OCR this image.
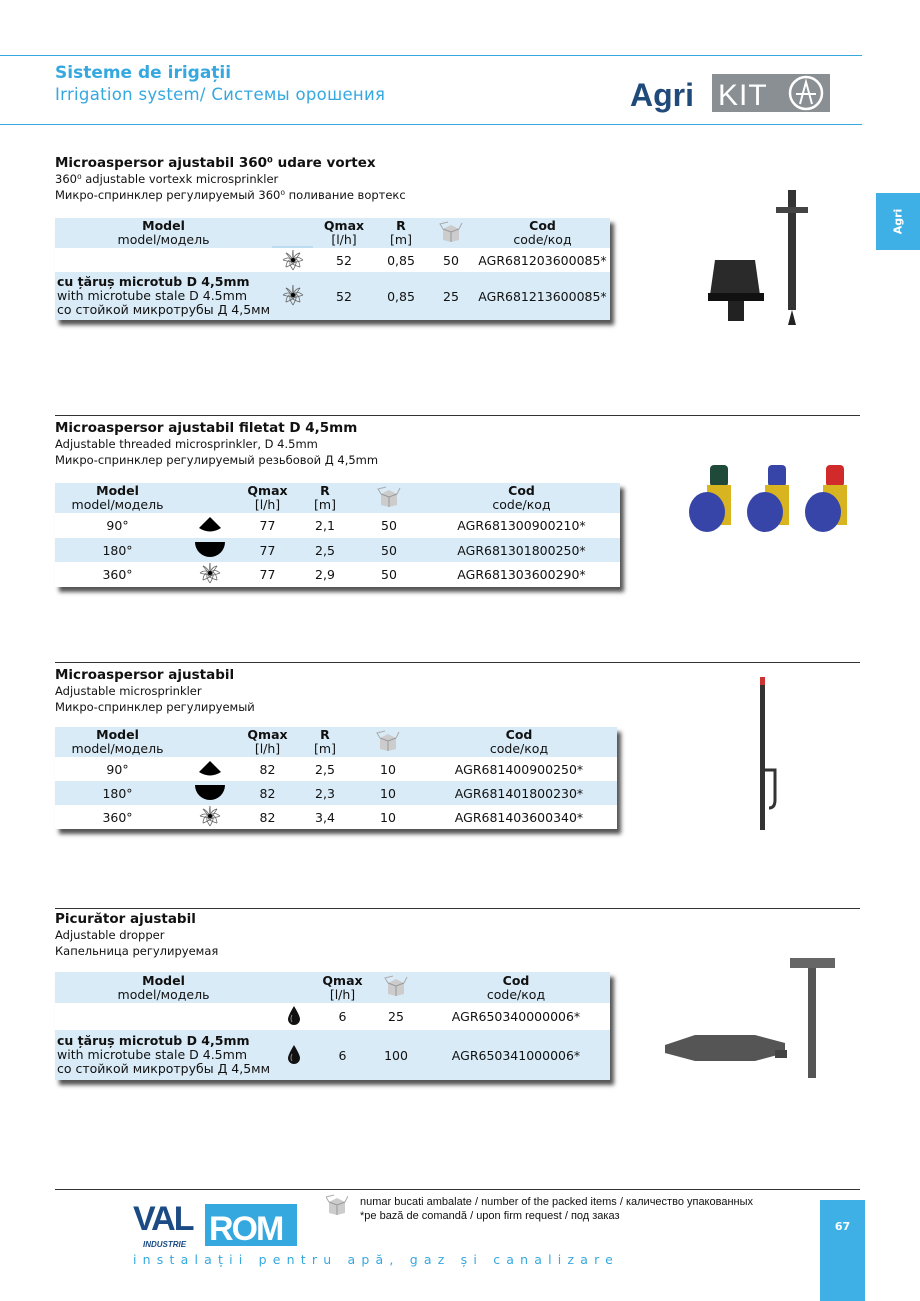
Sisteme de irigații
Irrigation system/ Системы орошения	Agri KIT
Agri
Microaspersor ajustabil 360⁰ udare vortex
360⁰ adjustable vortexk microsprinkler
Микро-спринклер регулируемый 360⁰ поливание вортекс
Model
model/модель
Qmax
[l/h]
R
[m]
Cod
code/код
52	0,85	50	AGR681203600085*
cu țăruș microtub D 4,5mm
with microtube stale D 4.5mm
со стойкой микротрубы Д 4,5мм
52	0,85	25	AGR681213600085*
Microaspersor ajustabil filetat D 4,5mm
Adjustable threaded microsprinkler, D 4.5mm
Микро-спринклер регулируемый резьбовой Д 4,5mm
Model
model/модель
Qmax
[l/h]
R
[m]
Cod
code/код
90°	77	2,1	50	AGR681300900210*
180°	77	2,5	50	AGR681301800250*
360°	77	2,9	50	AGR681303600290*
Microaspersor ajustabil
Adjustable microsprinkler
Микро-спринклер регулируемый
Model
model/модель
Qmax
[l/h]
R
[m]
Cod
code/код
90°	82	2,5	10	AGR681400900250*
180°	82	2,3	10	AGR681401800230*
360°	82	3,4	10	AGR681403600340*
Picurător ajustabil
Adjustable dropper
Капельница регулируемая
Model
model/модель
Qmax
[l/h]
Cod
code/код
6	25	AGR650340000006*
cu țăruș microtub D 4,5mm
with microtube stale D 4.5mm
со стойкой микротрубы Д 4,5мм
6	100	AGR650341000006*
VAL ROM
INDUSTRIE
instalații pentru apă, gaz și canalizare
numar bucati ambalate / number of the packed items / каличество упакованных
*pe bază de comandă / upon firm request / под заказ
67
